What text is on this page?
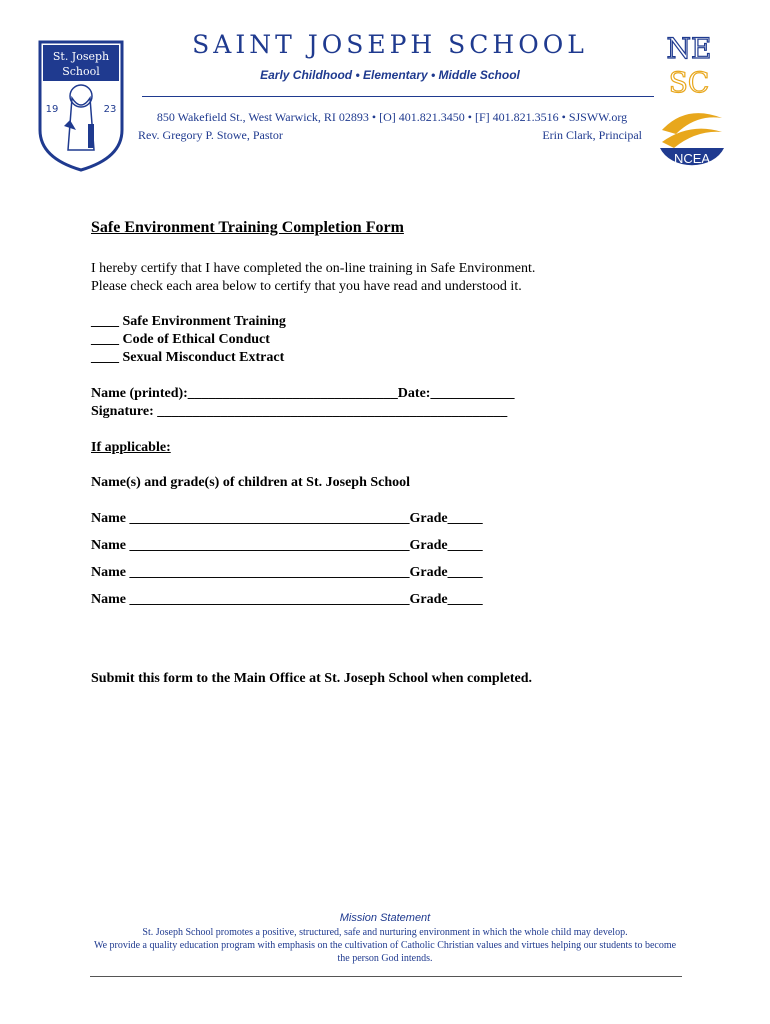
St. Joseph
School
19	23
SAINT JOSEPH SCHOOL
Early Childhood • Elementary • Middle School
850 Wakefield St., West Warwick, RI 02893 • [O] 401.821.3450 • [F] 401.821.3516 • SJSWW.org
Rev. Gregory P. Stowe, Pastor	Erin Clark, Principal
NE
SC
NCEA
Safe Environment Training Completion Form
I hereby certify that I have completed the on-line training in Safe Environment.
Please check each area below to certify that you have read and understood it.
____ Safe Environment Training
____ Code of Ethical Conduct
____ Sexual Misconduct Extract
Name (printed):______________________________Date:____________
Signature: __________________________________________________
If applicable:
Name(s) and grade(s) of children at St. Joseph School
Name ________________________________________Grade_____
Name ________________________________________Grade_____
Name ________________________________________Grade_____
Name ________________________________________Grade_____
Submit this form to the Main Office at St. Joseph School when completed.
Mission Statement
St. Joseph School promotes a positive, structured, safe and nurturing environment in which the whole child may develop.
We provide a quality education program with emphasis on the cultivation of Catholic Christian values and virtues helping our students to become
the person God intends.
